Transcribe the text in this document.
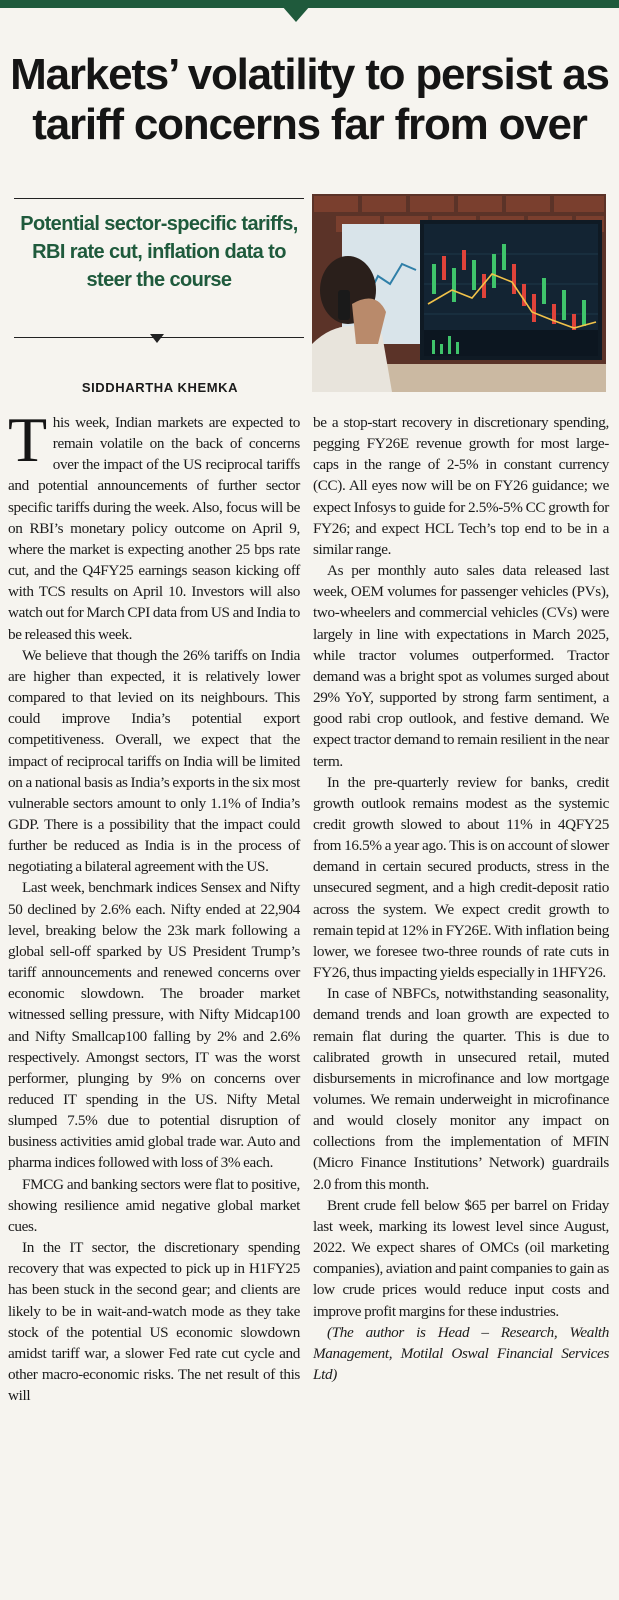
Markets’ volatility to persist as tariff concerns far from over
Potential sector-specific tariffs, RBI rate cut, inflation data to steer the course
SIDDHARTHA KHEMKA

This week, Indian markets are expected to remain volatile on the back of concerns over the impact of the US reciprocal tariffs and potential announcements of further sector specific tariffs during the week. Also, focus will be on RBI’s monetary policy outcome on April 9, where the market is expecting another 25 bps rate cut, and the Q4FY25 earnings season kicking off with TCS results on April 10. Investors will also watch out for March CPI data from US and India to be released this week.

We believe that though the 26% tariffs on India are higher than expected, it is relatively lower compared to that levied on its neighbours. This could improve India’s potential export competitiveness. Overall, we expect that the impact of reciprocal tariffs on India will be limited on a national basis as India’s exports in the six most vulnerable sectors amount to only 1.1% of India’s GDP. There is a possibility that the impact could further be reduced as India is in the process of negotiating a bilateral agreement with the US.

Last week, benchmark indices Sensex and Nifty 50 declined by 2.6% each. Nifty ended at 22,904 level, breaking below the 23k mark following a global sell-off sparked by US President Trump’s tariff announcements and renewed concerns over economic slowdown. The broader market witnessed selling pressure, with Nifty Midcap100 and Nifty Smallcap100 falling by 2% and 2.6% respectively. Amongst sectors, IT was the worst performer, plunging by 9% on concerns over reduced IT spending in the US. Nifty Metal slumped 7.5% due to potential disruption of business activities amid global trade war. Auto and pharma indices followed with loss of 3% each.

FMCG and banking sectors were flat to positive, showing resilience amid negative global market cues.

In the IT sector, the discretionary spending recovery that was expected to pick up in H1FY25 has been stuck in the second gear; and clients are likely to be in wait-and-watch mode as they take stock of the potential US economic slowdown amidst tariff war, a slower Fed rate cut cycle and other macro-economic risks. The net result of this will

be a stop-start recovery in discretionary spending, pegging FY26E revenue growth for most large-caps in the range of 2-5% in constant currency (CC). All eyes now will be on FY26 guidance; we expect Infosys to guide for 2.5%-5% CC growth for FY26; and expect HCL Tech’s top end to be in a similar range.

As per monthly auto sales data released last week, OEM volumes for passenger vehicles (PVs), two-wheelers and commercial vehicles (CVs) were largely in line with expectations in March 2025, while tractor volumes outperformed. Tractor demand was a bright spot as volumes surged about 29% YoY, supported by strong farm sentiment, a good rabi crop outlook, and festive demand. We expect tractor demand to remain resilient in the near term.

In the pre-quarterly review for banks, credit growth outlook remains modest as the systemic credit growth slowed to about 11% in 4QFY25 from 16.5% a year ago. This is on account of slower demand in certain secured products, stress in the unsecured segment, and a high credit-deposit ratio across the system. We expect credit growth to remain tepid at 12% in FY26E. With inflation being lower, we foresee two-three rounds of rate cuts in FY26, thus impacting yields especially in 1HFY26.

In case of NBFCs, notwithstanding seasonality, demand trends and loan growth are expected to remain flat during the quarter. This is due to calibrated growth in unsecured retail, muted disbursements in microfinance and low mortgage volumes. We remain underweight in microfinance and would closely monitor any impact on collections from the implementation of MFIN (Micro Finance Institutions’ Network) guardrails 2.0 from this month.

Brent crude fell below $65 per barrel on Friday last week, marking its lowest level since August, 2022. We expect shares of OMCs (oil marketing companies), aviation and paint companies to gain as low crude prices would reduce input costs and improve profit margins for these industries.

(The author is Head – Research, Wealth Management, Motilal Oswal Financial Services Ltd)
